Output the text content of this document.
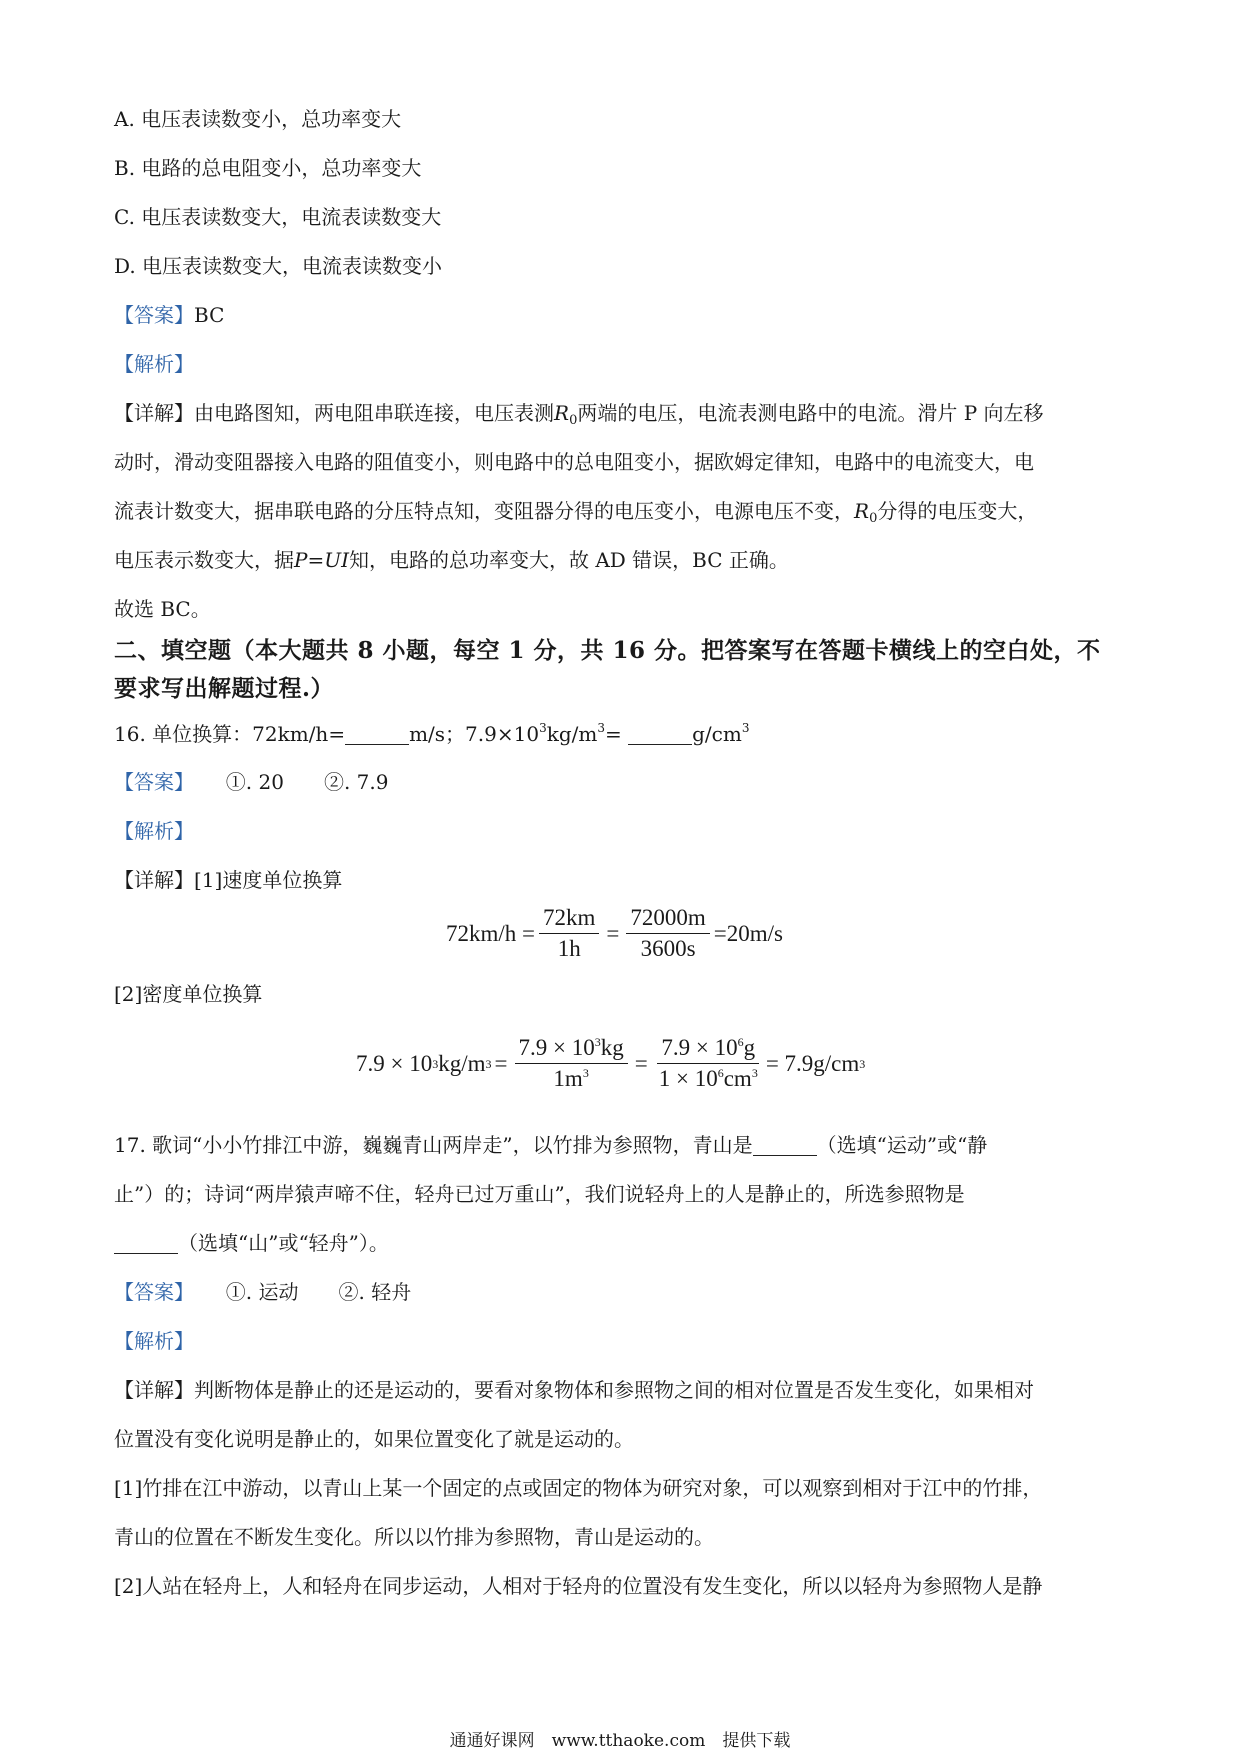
A. 电压表读数变小，总功率变大
B. 电路的总电阻变小，总功率变大
C. 电压表读数变大，电流表读数变大
D. 电压表读数变大，电流表读数变小
【答案】BC
【解析】
【详解】由电路图知，两电阻串联连接，电压表测$R_0$两端的电压，电流表测电路中的电流。滑片 P 向左移
动时，滑动变阻器接入电路的阻值变小，则电路中的总电阻变小，据欧姆定律知，电路中的电流变大，电
流表计数变大，据串联电路的分压特点知，变阻器分得的电压变小，电源电压不变，$R_0$分得的电压变大，
电压表示数变大，据P=UI知，电路的总功率变大，故 AD 错误，BC 正确。
故选 BC。
二、填空题（本大题共 8 小题，每空 1 分，共 16 分。把答案写在答题卡横线上的空白处，不
要求写出解题过程.）
16. 单位换算：72km/h=	m/s；$7.9\times 10^3kg/m^3=$	$g/cm^3$
【答案】 ①. 20　　②. 7.9
【解析】
【详解】[1]速度单位换算
$72km/h = \frac{72km}{1h} = \frac{72000m}{3600s} =20m/s$
[2]密度单位换算
7.9 × 10 3 kg/m $3 = \frac{7.9 \times 10^3kg}{1m^3} = \frac{7.9 \times 10^6g}{1 \times 10^6cm^3} = 7.9g/cm$ 3
17. 歌词“小小竹排江中游，巍巍青山两岸走”，以竹排为参照物，青山是	（选填“运动”或“静
止”）的；诗词“两岸猿声啼不住，轻舟已过万重山”，我们说轻舟上的人是静止的，所选参照物是
（选填“山”或“轻舟”）。
【答案】 ①. 运动　　②. 轻舟
【解析】
【详解】判断物体是静止的还是运动的，要看对象物体和参照物之间的相对位置是否发生变化，如果相对
位置没有变化说明是静止的，如果位置变化了就是运动的。
[1]竹排在江中游动，以青山上某一个固定的点或固定的物体为研究对象，可以观察到相对于江中的竹排，
青山的位置在不断发生变化。所以以竹排为参照物，青山是运动的。
[2]人站在轻舟上，人和轻舟在同步运动，人相对于轻舟的位置没有发生变化，所以以轻舟为参照物人是静
通通好课网　www.tthaoke.com　提供下载
